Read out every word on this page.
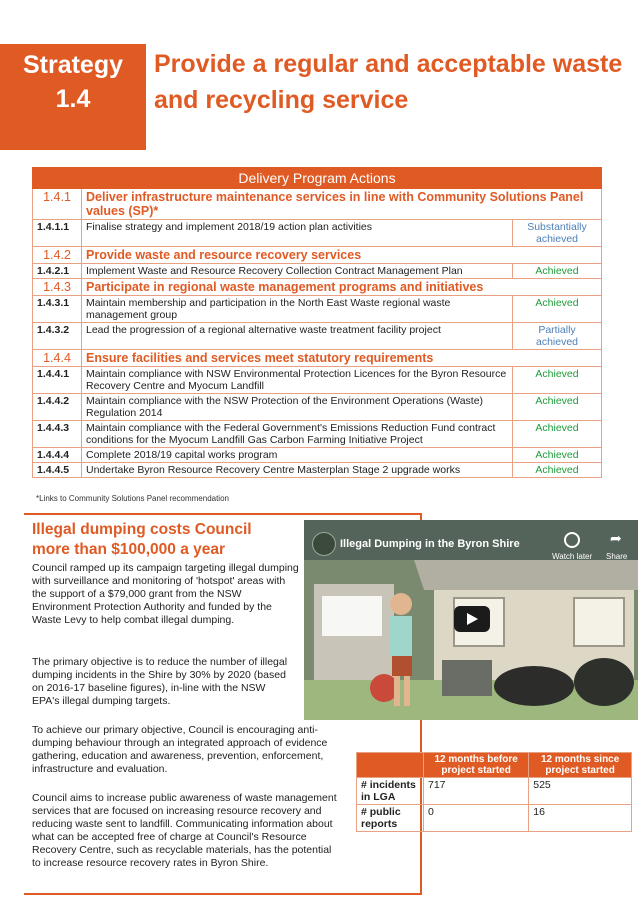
Strategy
1.4
Provide a regular and acceptable waste and recycling service
Delivery Program Actions		
1.4.1	Deliver infrastructure maintenance services in line with Community Solutions Panel values (SP)*	
1.4.1.1	Finalise strategy and implement 2018/19 action plan activities	Substantially achieved
1.4.2	Provide waste and resource recovery services	
1.4.2.1	Implement Waste and Resource Recovery Collection Contract Management Plan	Achieved
1.4.3	Participate in regional waste management programs and initiatives	
1.4.3.1	Maintain membership and participation in the North East Waste regional waste management group	Achieved
1.4.3.2	Lead the progression of a regional alternative waste treatment facility project	Partially achieved
1.4.4	Ensure facilities and services meet statutory requirements	
1.4.4.1	Maintain compliance with NSW Environmental Protection Licences for the Byron Resource Recovery Centre and Myocum Landfill	Achieved
1.4.4.2	Maintain compliance with the NSW Protection of the Environment Operations (Waste) Regulation 2014	Achieved
1.4.4.3	Maintain compliance with the Federal Government's Emissions Reduction Fund contract conditions for the Myocum Landfill Gas Carbon Farming Initiative Project	Achieved
1.4.4.4	Complete 2018/19 capital works program	Achieved
1.4.4.5	Undertake Byron Resource Recovery Centre Masterplan Stage 2 upgrade works	Achieved
*Links to Community Solutions Panel recommendation
Illegal dumping costs Council more than $100,000 a year
Council ramped up its campaign targeting illegal dumping with surveillance and monitoring of 'hotspot' areas with the support of a $79,000 grant from the NSW Environment Protection Authority and funded by the Waste Levy to help combat illegal dumping.
The primary objective is to reduce the number of illegal dumping incidents in the Shire by 30% by 2020 (based on 2016-17 baseline figures), in-line with the NSW EPA's illegal dumping targets.
To achieve our primary objective, Council is encouraging anti-dumping behaviour through an integrated approach of evidence gathering, education and awareness, prevention, enforcement, infrastructure and evaluation.
Council aims to increase public awareness of waste management services that are focused on increasing resource recovery and reducing waste sent to landfill. Communicating information about what can be accepted free of charge at Council's Resource Recovery Centre, such as recyclable materials, has the potential to increase resource recovery rates in Byron Shire.
Illegal Dumping in the Byron Shire
Watch later
➦
Share
	12 months before project started	12 months since project started
# incidents in LGA	717	525
# public reports	0	16
